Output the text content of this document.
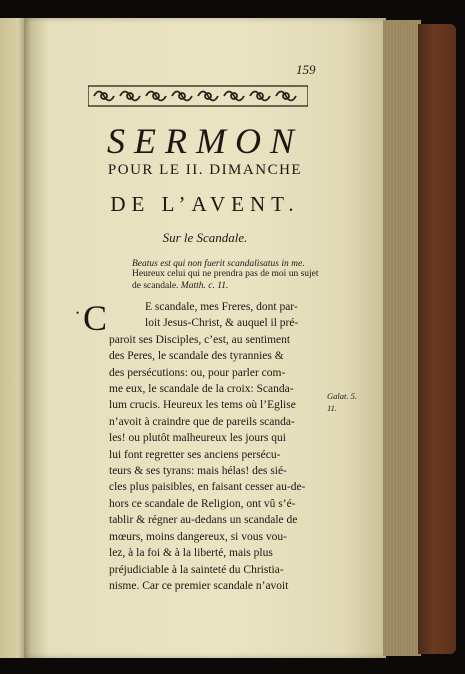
159
SERMON
POUR LE II. DIMANCHE
DE L’AVENT.
Sur le Scandale.
Beatus est qui non fuerit scandalisatus in me.
Heureux celui qui ne prendra pas de moi un sujet de scandale. Matth. c. 11.
• C	E scandale, mes Freres, dont par-
loit Jesus-Christ, & auquel il pré-
paroit ses Disciples, c’est, au sentiment
des Peres, le scandale des tyrannies &
des persécutions: ou, pour parler com-
me eux, le scandale de la croix: Scanda-
lum crucis. Heureux les tems où l’Eglise
n’avoit à craindre que de pareils scanda-
les! ou plutôt malheureux les jours qui
lui font regretter ses anciens persécu-
teurs & ses tyrans: mais hélas! des sié-
cles plus paisibles, en faisant cesser au-de-
hors ce scandale de Religion, ont vû s’é-
tablir & régner au-dedans un scandale de
mœurs, moins dangereux, si vous vou-
lez, à la foi & à la liberté, mais plus
préjudiciable à la sainteté du Christia-
nisme. Car ce premier scandale n’avoit
Galat. 5.
11.
